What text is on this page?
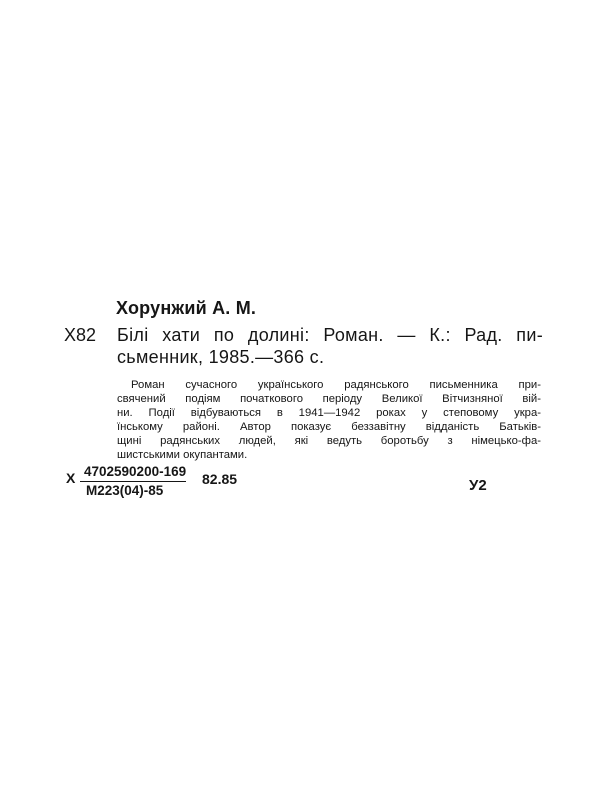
Хорунжий А. М.
Х82 Білі хати по долині: Роман. — К.: Рад. пи-
сьменник, 1985.—366 с.
Роман сучасного українського радянського письменника при-
свячений подіям початкового періоду Великої Вітчизняної вій-
ни. Події відбуваються в 1941—1942 роках у степовому укра-
їнському районі. Автор показує беззавітну відданість Батьків-
щині радянських людей, які ведуть боротьбу з німецько-фа-
шистськими окупантами.
Х 4702590200-169
М223(04)-85
82.85	У2
